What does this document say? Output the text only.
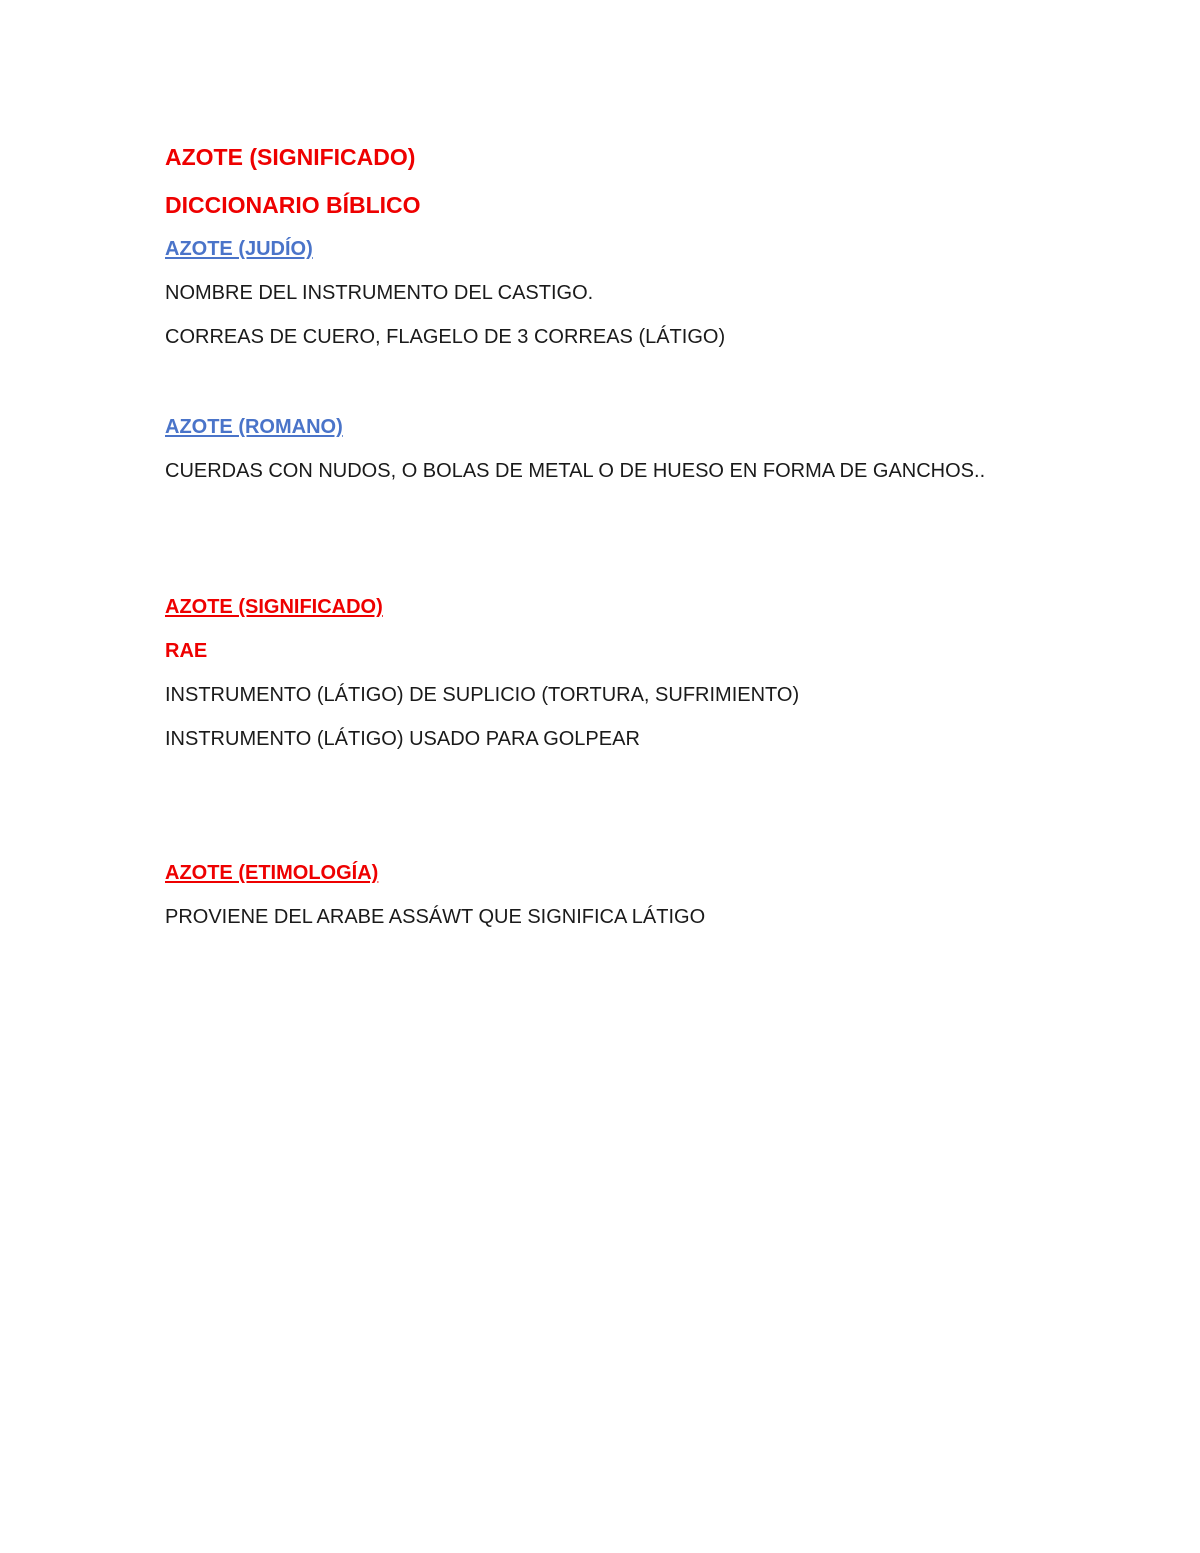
AZOTE (SIGNIFICADO)
DICCIONARIO BÍBLICO
AZOTE (JUDÍO)

NOMBRE DEL INSTRUMENTO DEL CASTIGO.

CORREAS DE CUERO, FLAGELO DE 3 CORREAS (LÁTIGO)

AZOTE (ROMANO)

CUERDAS CON NUDOS, O BOLAS DE METAL O DE HUESO EN FORMA DE GANCHOS..

AZOTE (SIGNIFICADO)
RAE

INSTRUMENTO (LÁTIGO) DE SUPLICIO (TORTURA, SUFRIMIENTO)

INSTRUMENTO (LÁTIGO) USADO PARA GOLPEAR

AZOTE (ETIMOLOGÍA)

PROVIENE DEL ARABE ASSÁWT QUE SIGNIFICA LÁTIGO
